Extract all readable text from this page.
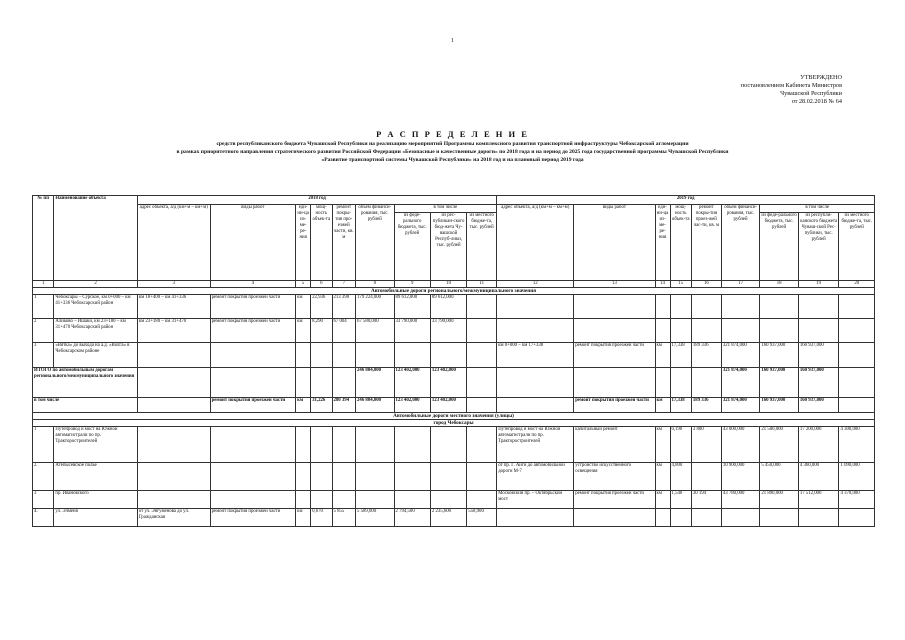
1
УТВЕРЖДЕНО
постановлением Кабинета Министров
Чувашской Республики
от 28.02.2018 № 64
Р А С П Р Е Д Е Л Е Н И Е
средств республиканского бюджета Чувашской Республики на реализацию мероприятий Программы комплексного развития транспортной инфраструктуры Чебоксарской агломерации
в рамках приоритетного направления стратегического развития Российской Федерации «Безопасные и качественные дороги» по 2018 года и на период до 2025 года государственной программы Чувашской Республики
«Развитие транспортной системы Чувашской Республики» на 2018 год и на плановый период 2019 года
№ пп	Наименование объекта	2018 год									2019 год								
		адрес объекта, а/д (км+м – км+м)	виды работ	еди-ни-ца из-ме-ре-ния	мощ-ность объек-та	ремонт покры-тия про-езжей части, кв. м	объем финанси-рования, тыс. рублей	в том числе			адрес объекта, а/д (км+м – км+м)	виды работ	еди-ни-ца из-ме-ре-ния	мощ-ность объек-та	ремонт покры-тия проез-жей час-ти, кв. м	объем финанси-рования, тыс. рублей	в том числе		
								из феде-рального бюджета, тыс. рублей	из рес-публикан-ского бюд-жета Чу-вашской Респуб-лики, тыс. рублей	из местного бюдже-та, тыс. рублей							из феде-рального бюджета, тыс. рублей	из республи-канского бюджета Чуваш-ской Рес-публики, тыс. рублей	из местного бюдже-та, тыс. рублей
1	2	3	4	5	6	7	8	9	10	11	12	13	14	15	16	17	18	19	20
Автомобильные дороги регионального/межмуниципального значения																			
1	Чебоксары – Сурское, км 0+000 – км 41+336 Чебоксарский район	км 18+400 – км 41+336	ремонт покрытия проезжей части	км	22,936	213 390	179 224,000	89 612,000	89 612,000										
2	Аликово – Ишаки, км 23+180 – км 31+470 Чебоксарский район	км 23+180 – км 31+470	ремонт покрытия проезжей части	км	8,290	67 004	67 580,000	33 790,000	33 790,000										
3	«Вятка» до выхода на а.д. «Волга» в Чебоксарском районе										км 0+000 – км 17+338	ремонт покрытия проезжей части	км	17,338	189 336	321 874,000	160 937,000	160 937,000	
ИТОГО по автомобильным дорогам регионального/межмуниципального значения							246 804,000	123 402,000	123 402,000							321 874,000	160 937,000	160 937,000	
в том числе			ремонт покрытия проезжей части	км	31,226	280 394	246 804,000	123 402,000	123 402,000			ремонт покрытия проезжей части	км	17,338	189 336	321 874,000	160 937,000	160 937,000	
Автомобильные дороги местного значения (улицы)																			
город Чебоксары																			
1	Путепровод и мост на Южной автомагистрали по пр. Тракторостроителей										Путепровод и мост на Южной автомагистрали по пр. Тракторостроителей	капитальный ремонт	км	0,190	3 800	43 000,000	21 500,000	17 200,000	4 300,000
2.	Атепысевское полье										от пр. Г. Айги до автомобильной дороги М-7	устройство искусственного освещения	км	4,800		10 900,000	5 450,000	4 360,000	1 090,000
3	пр. Ивановского										Московский пр. – Октябрьский мост	ремонт покрытия проезжей части	км	1,540	30 194	43 780,000	21 890,000	17 512,000	4 378,000
4.	ул. Элменя	от ул. Энгуменова до ул. Гражданская	ремонт покрытия проезжей части	км	0,670	5 855	5 589,000	2 794,500	2 235,600	558,900									
